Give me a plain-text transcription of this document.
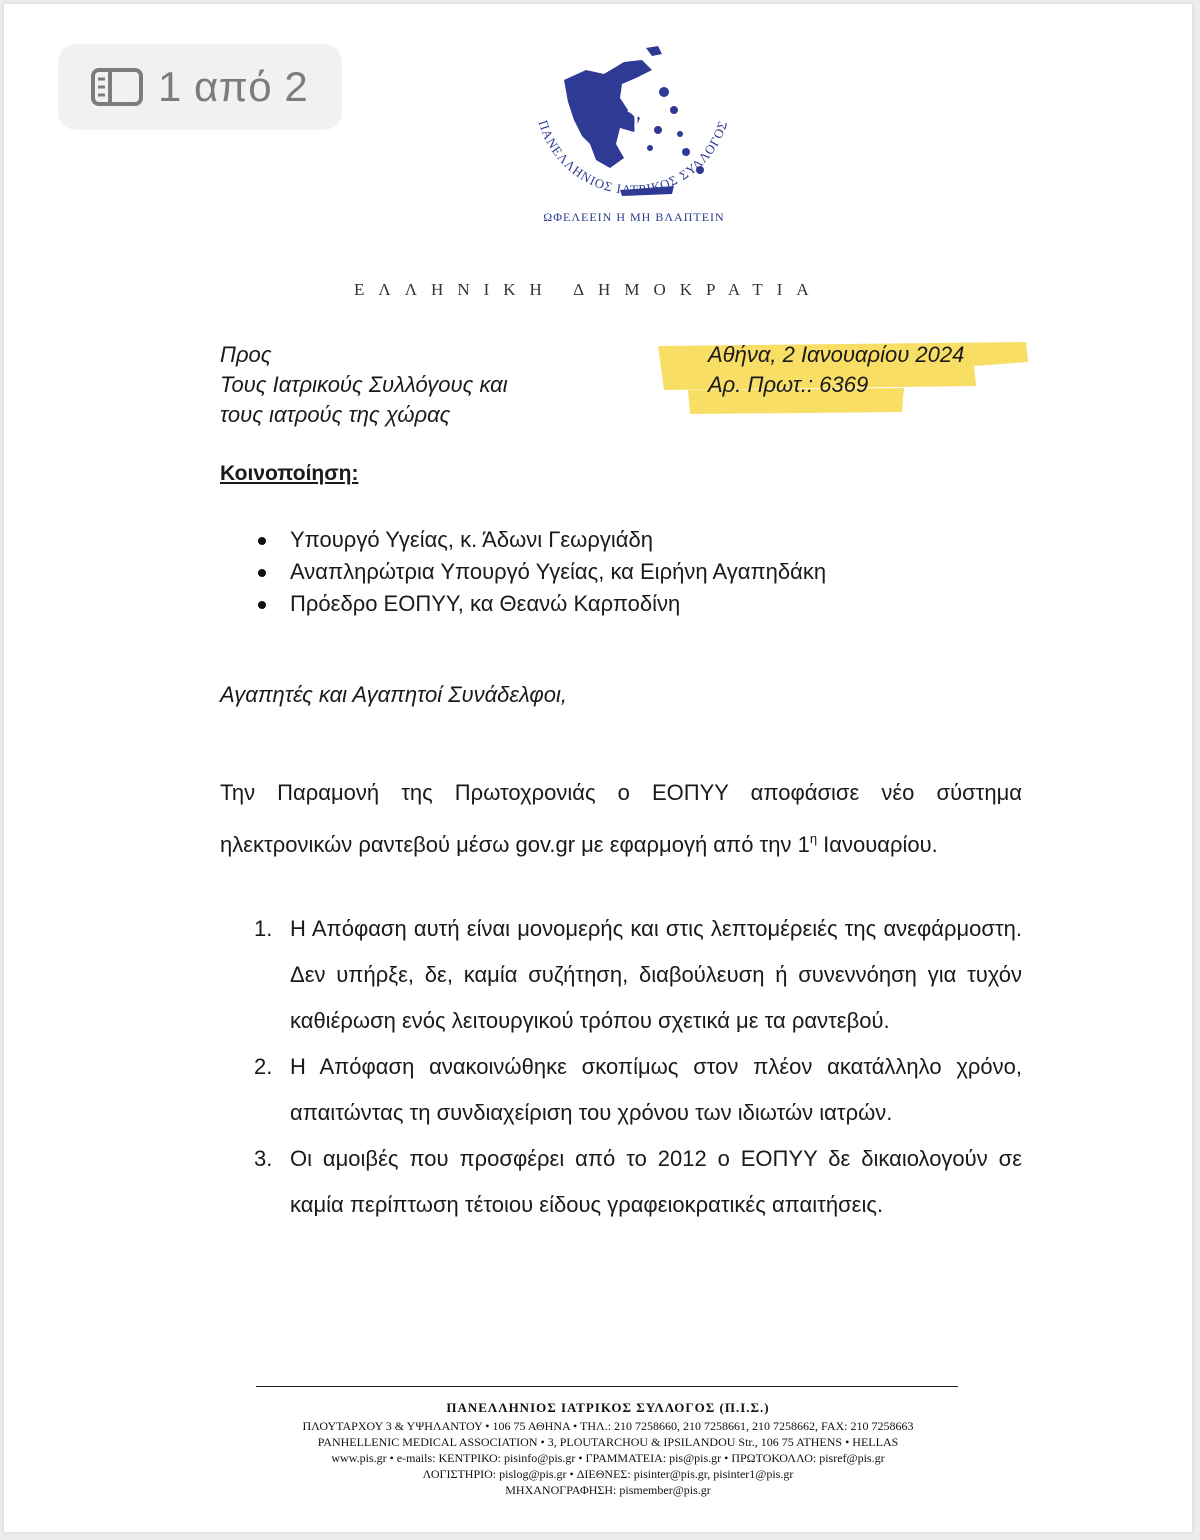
1 από 2
ΠΑΝΕΛΛΗΝΙΟΣ ΙΑΤΡΙΚΟΣ ΣΥΛΛΟΓΟΣ
ΩΦΕΛΕΕΙΝ Η ΜΗ ΒΛΑΠΤΕΙΝ
ΕΛΛΗΝΙΚΗ ΔΗΜΟΚΡΑΤΙΑ
Προς
Τους Ιατρικούς Συλλόγους και
τους ιατρούς της χώρας
Αθήνα, 2 Ιανουαρίου 2024
Αρ. Πρωτ.: 6369
Κοινοποίηση:
Υπουργό Υγείας, κ. Άδωνι Γεωργιάδη
Αναπληρώτρια Υπουργό Υγείας, κα Ειρήνη Αγαπηδάκη
Πρόεδρο ΕΟΠΥΥ, κα Θεανώ Καρποδίνη
Αγαπητές και Αγαπητοί Συνάδελφοι,

Την Παραμονή της Πρωτοχρονιάς ο ΕΟΠΥΥ αποφάσισε νέο σύστημα ηλεκτρονικών ραντεβού μέσω gov.gr με εφαρμογή από την $1^\eta$ Ιανουαρίου.

1. Η Απόφαση αυτή είναι μονομερής και στις λεπτομέρειές της ανεφάρμοστη. Δεν υπήρξε, δε, καμία συζήτηση, διαβούλευση ή συνεννόηση για τυχόν καθιέρωση ενός λειτουργικού τρόπου σχετικά με τα ραντεβού.
2. Η Απόφαση ανακοινώθηκε σκοπίμως στον πλέον ακατάλληλο χρόνο, απαιτώντας τη συνδιαχείριση του χρόνου των ιδιωτών ιατρών.
3. Οι αμοιβές που προσφέρει από το 2012 ο ΕΟΠΥΥ δε δικαιολογούν σε καμία περίπτωση τέτοιου είδους γραφειοκρατικές απαιτήσεις.
ΠΑΝΕΛΛΗΝΙΟΣ ΙΑΤΡΙΚΟΣ ΣΥΛΛΟΓΟΣ (Π.Ι.Σ.)
ΠΛΟΥΤΑΡΧΟΥ 3 & ΥΨΗΛΑΝΤΟΥ • 106 75 ΑΘΗΝΑ • ΤΗΛ.: 210 7258660, 210 7258661, 210 7258662, FAX: 210 7258663
PANHELLENIC MEDICAL ASSOCIATION • 3, PLOUTARCHOU & IPSILANDOU Str., 106 75 ATHENS • HELLAS
www.pis.gr • e-mails: ΚΕΝΤΡΙΚΟ: pisinfo@pis.gr • ΓΡΑΜΜΑΤΕΙΑ: pis@pis.gr • ΠΡΩΤΟΚΟΛΛΟ: pisref@pis.gr
ΛΟΓΙΣΤΗΡΙΟ: pislog@pis.gr • ΔΙΕΘΝΕΣ: pisinter@pis.gr, pisinter1@pis.gr
ΜΗΧΑΝΟΓΡΑΦΗΣΗ: pismember@pis.gr
